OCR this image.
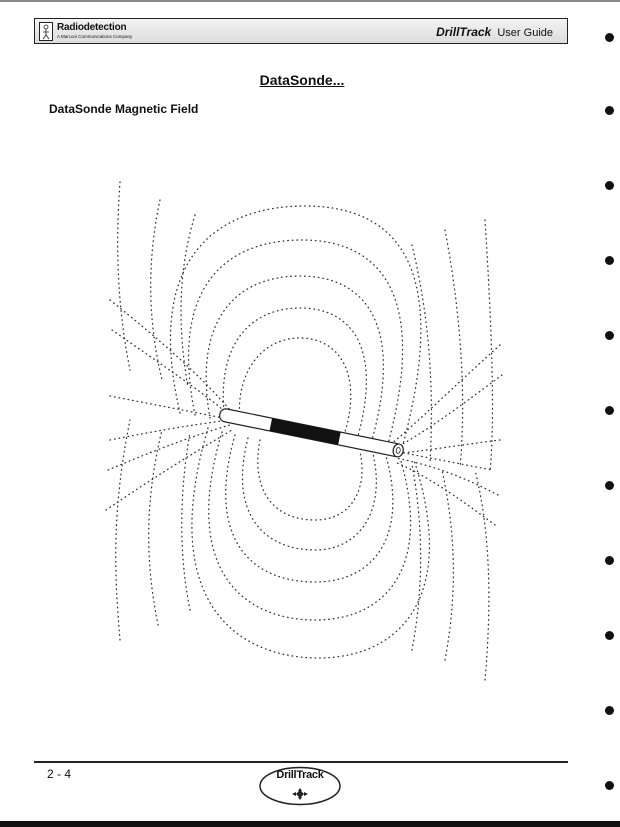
Radiodetection
A Marconi Communications Company	DrillTrack User Guide
DataSonde...
DataSonde Magnetic Field
2 - 4	DrillTrack
